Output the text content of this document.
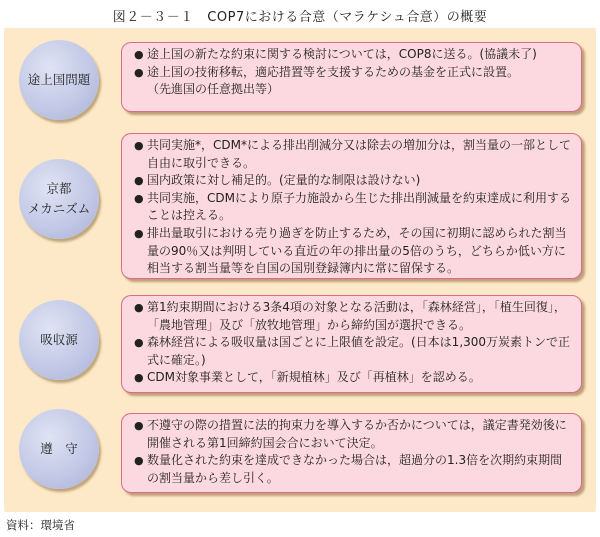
図２－３－１　COP7における合意（マラケシュ合意）の概要
途上国問題
● 途上国の新たな約束に関する検討については，COP8に送る。(協議未了)
● 途上国の技術移転，適応措置等を支援するための基金を正式に設置。
（先進国の任意拠出等）
京都
メカニズム
● 共同実施*，CDM*による排出削減分又は除去の増加分は，割当量の一部として自由に取引できる。
● 国内政策に対し補足的。(定量的な制限は設けない)
● 共同実施，CDMにより原子力施設から生じた排出削減量を約束達成に利用することは控える。
● 排出量取引における売り過ぎを防止するため，その国に初期に認められた割当量の90％又は判明している直近の年の排出量の5倍のうち，どちらか低い方に相当する割当量等を自国の国別登録簿内に常に留保する。
吸収源
● 第1約束期間における3条4項の対象となる活動は，「森林経営」，「植生回復」，「農地管理」及び「放牧地管理」から締約国が選択できる。
● 森林経営による吸収量は国ごとに上限値を設定。(日本は1,300万炭素トンで正式に確定。)
● CDM対象事業として，「新規植林」及び「再植林」を認める。
遵　守
● 不遵守の際の措置に法的拘束力を導入するか否かについては，議定書発効後に開催される第1回締約国会合において決定。
● 数量化された約束を達成できなかった場合は，超過分の1.3倍を次期約束期間の割当量から差し引く。
資料：環境省
